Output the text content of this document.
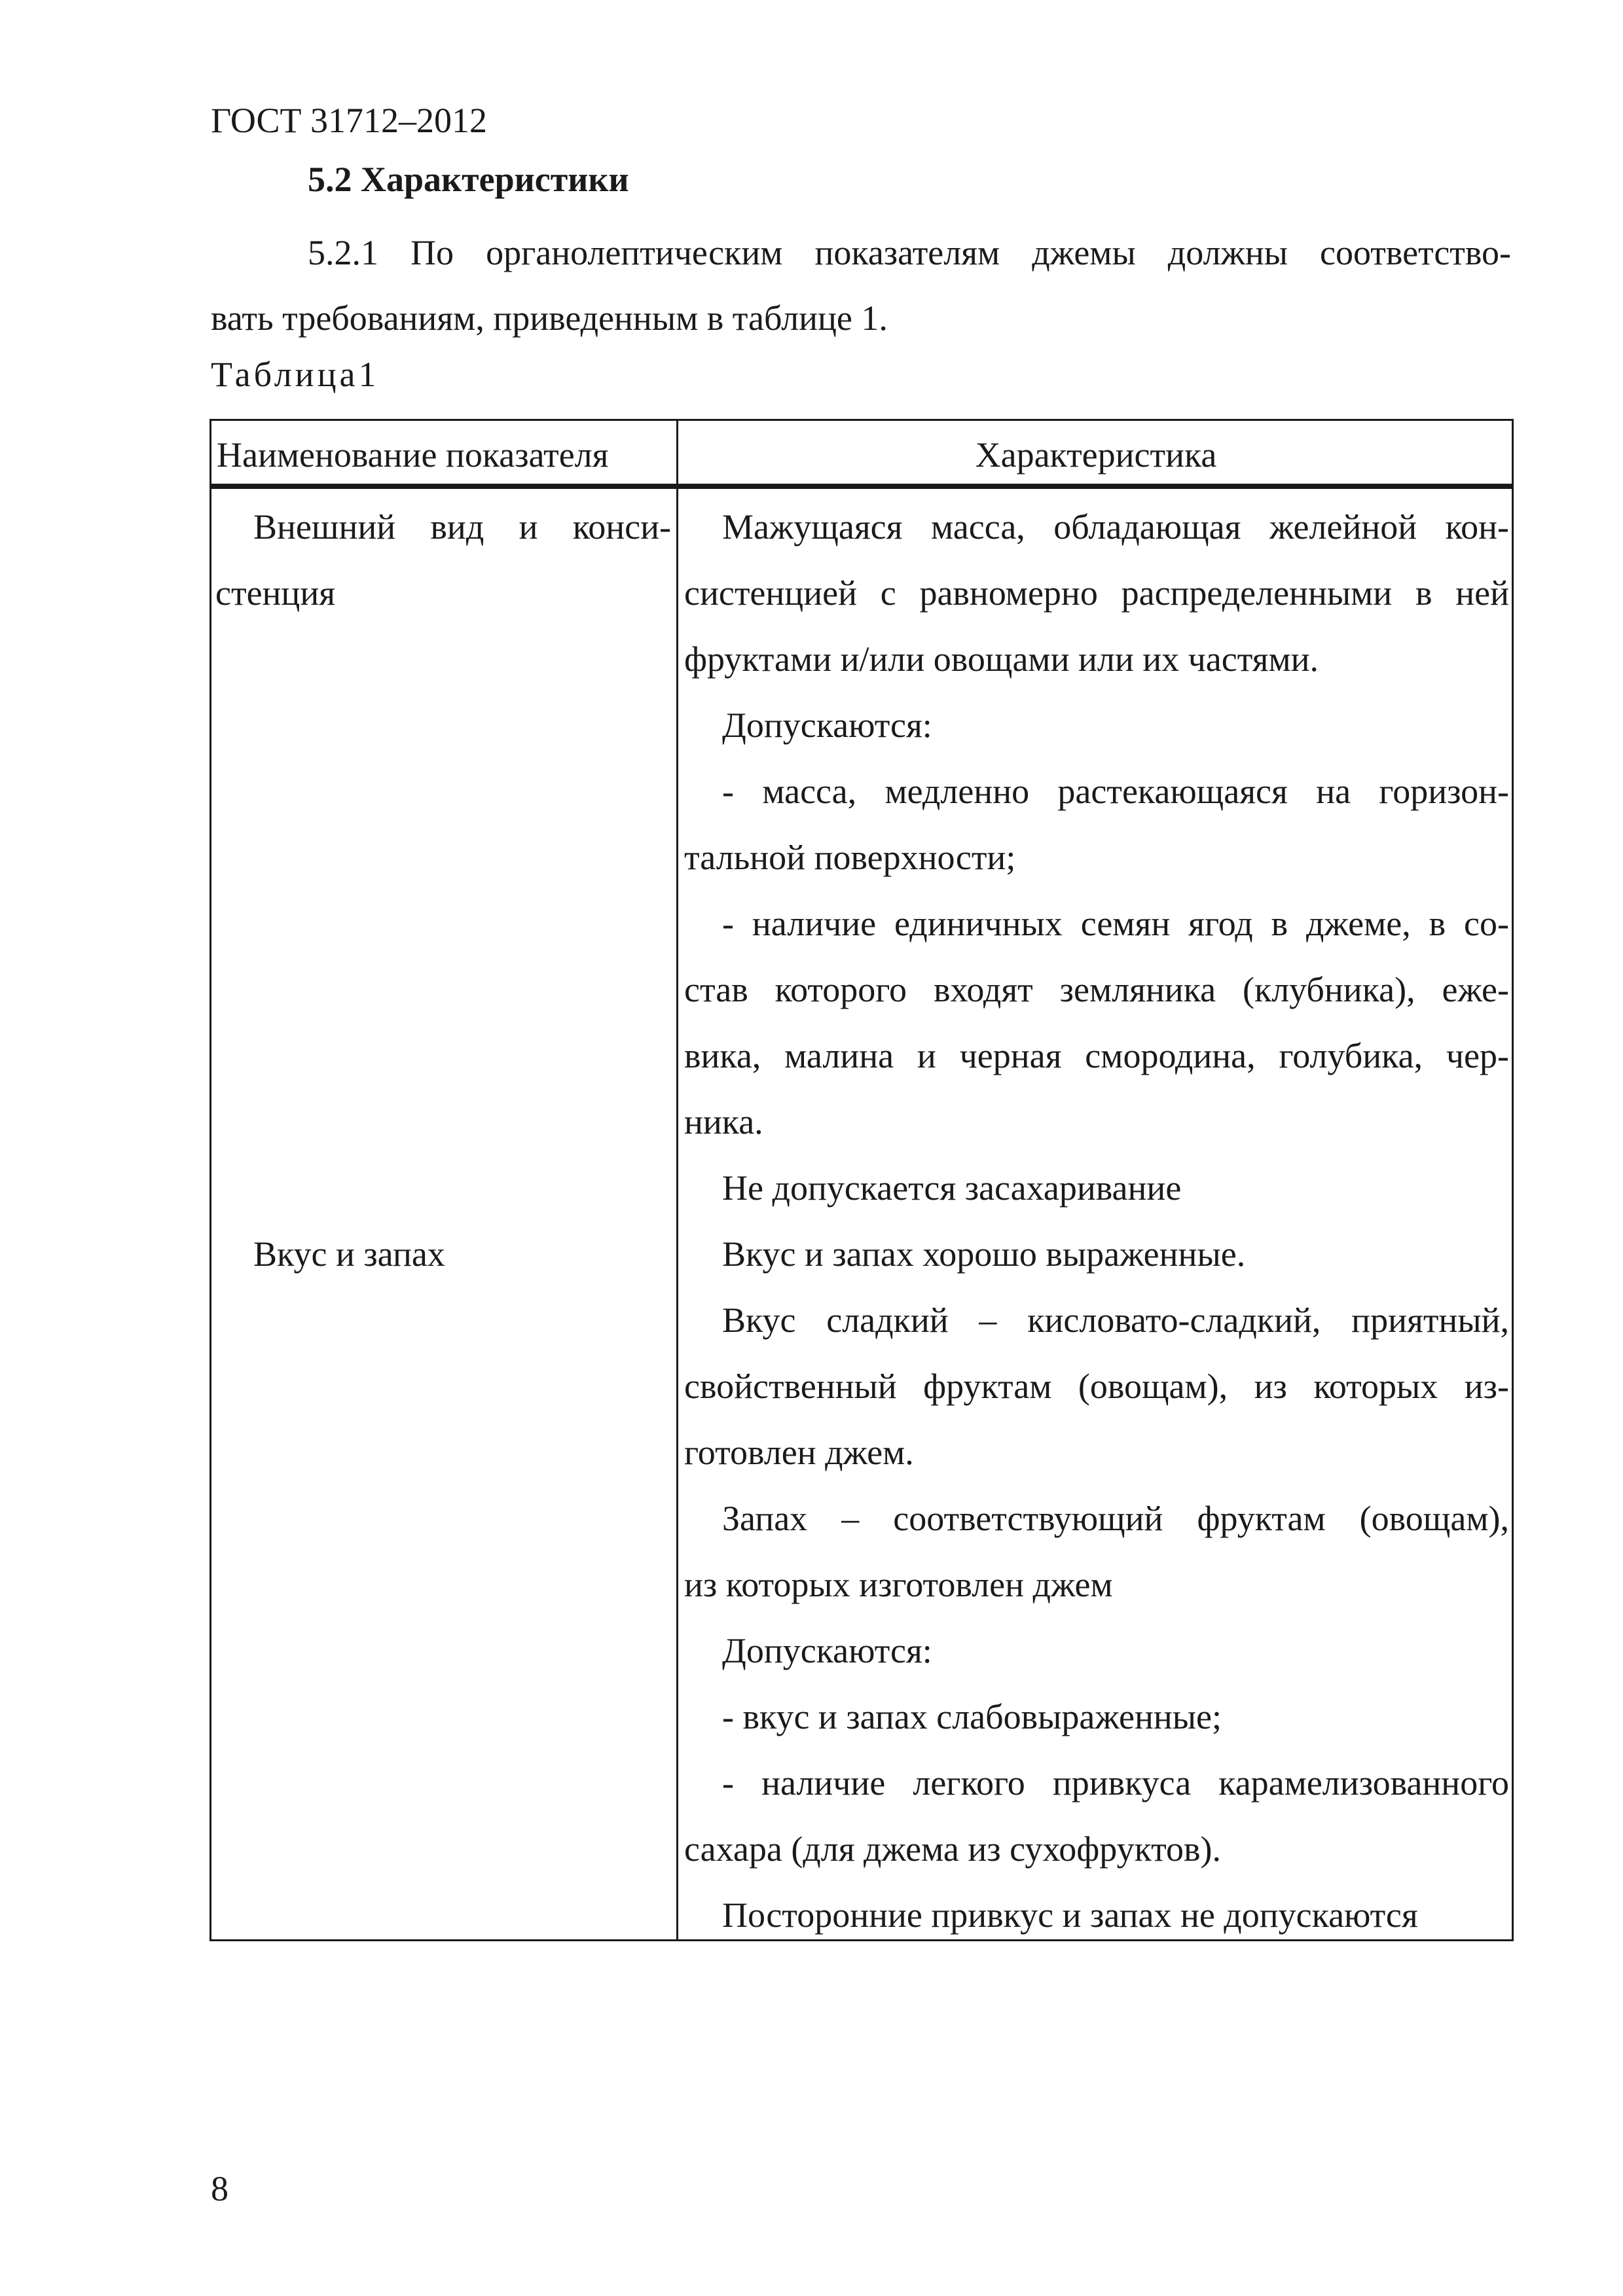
ГОСТ 31712–2012
5.2 Характеристики
5.2.1 По органолептическим показателям джемы должны соответство-
вать требованиям, приведенным в таблице 1.
Таблица1
Наименование показателя	Характеристика
Внешний вид и конси-
стенция
Вкус и запах
Мажущаяся масса, обладающая желейной кон-
систенцией с равномерно распределенными в ней
фруктами и/или овощами или их частями.
Допускаются:
- масса, медленно растекающаяся на горизон-
тальной поверхности;
- наличие единичных семян ягод в джеме, в со-
став которого входят земляника (клубника), еже-
вика, малина и черная смородина, голубика, чер-
ника.
Не допускается засахаривание
Вкус и запах хорошо выраженные.
Вкус сладкий – кисловато-сладкий, приятный,
свойственный фруктам (овощам), из которых из-
готовлен джем.
Запах – соответствующий фруктам (овощам),
из которых изготовлен джем
Допускаются:
- вкус и запах слабовыраженные;
- наличие легкого привкуса карамелизованного
сахара (для джема из сухофруктов).
Посторонние привкус и запах не допускаются
8
